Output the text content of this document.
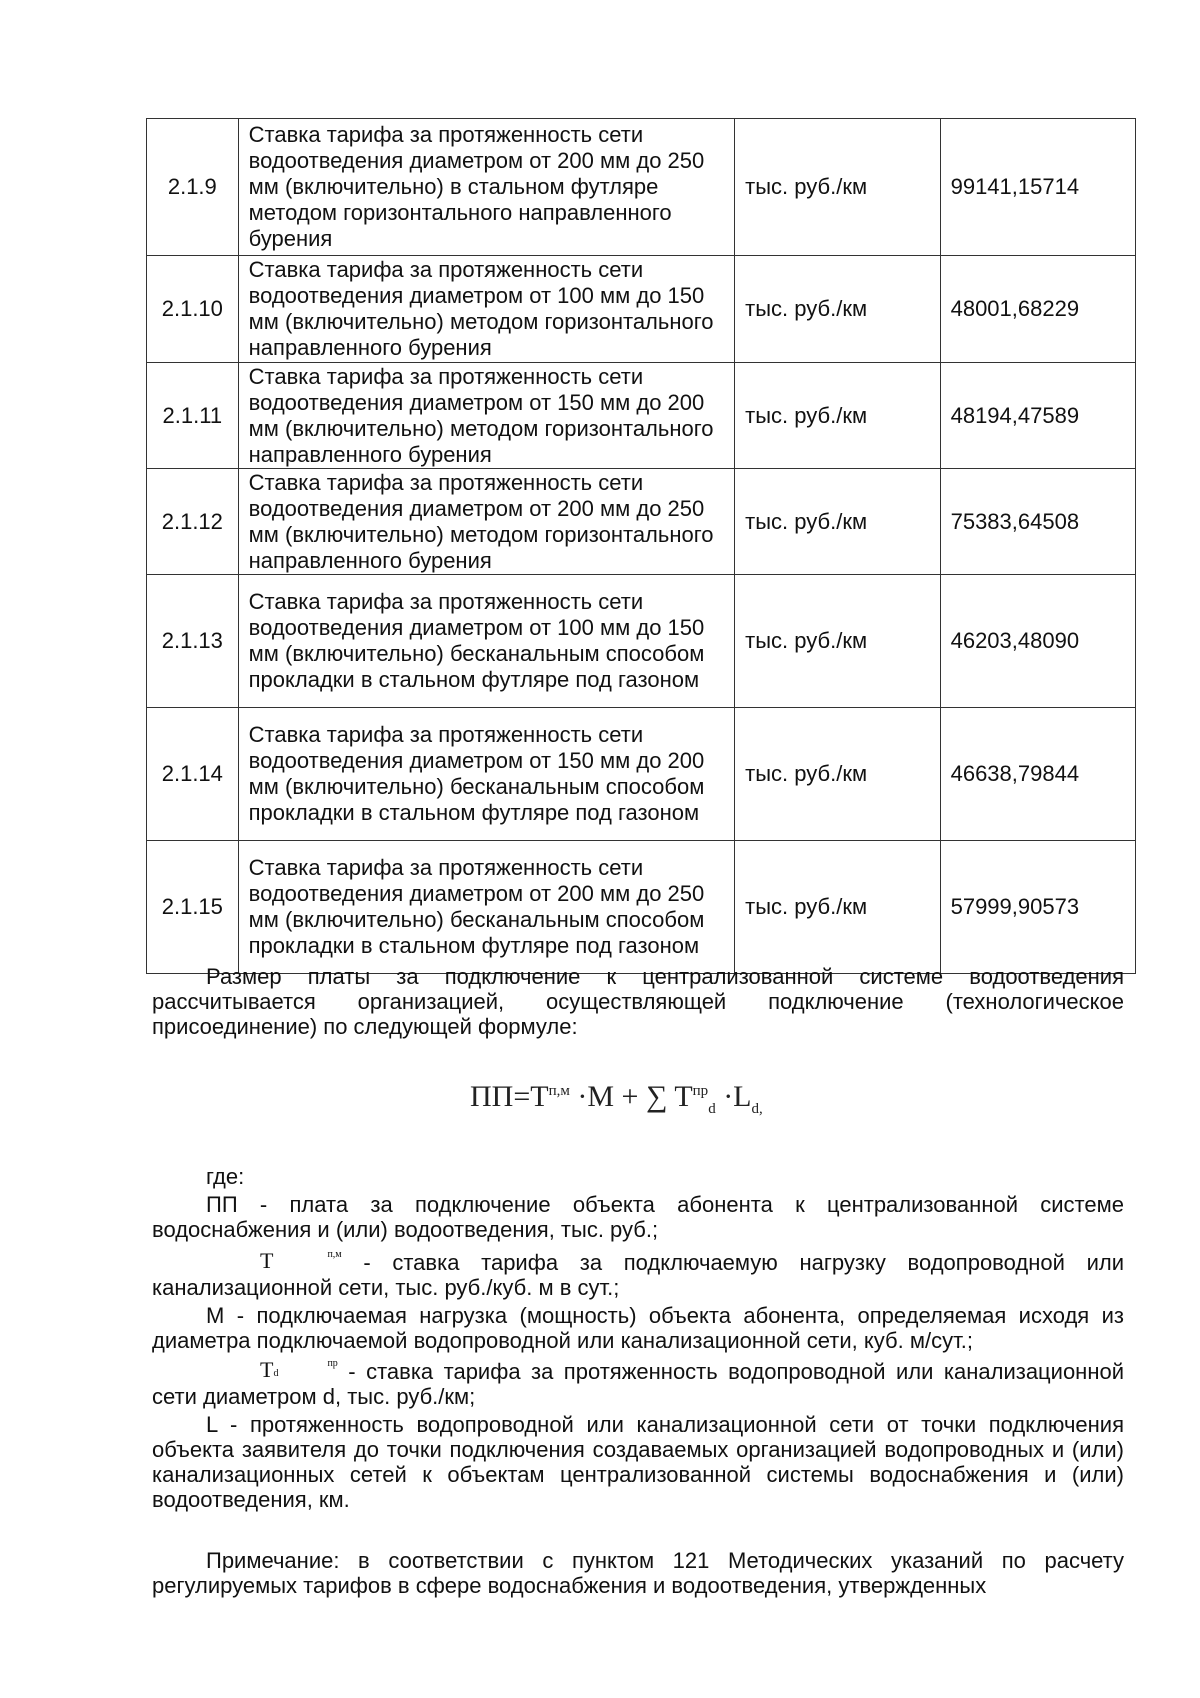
2.1.9	Ставка тарифа за протяженность сети водоотведения диаметром от 200 мм до 250 мм (включительно) в стальном футляре методом горизонтального направленного бурения	тыс. руб./км	99141,15714
2.1.10	Ставка тарифа за протяженность сети водоотведения диаметром от 100 мм до 150 мм (включительно) методом горизонтального направленного бурения	тыс. руб./км	48001,68229
2.1.11	Ставка тарифа за протяженность сети водоотведения диаметром от 150 мм до 200 мм (включительно) методом горизонтального направленного бурения	тыс. руб./км	48194,47589
2.1.12	Ставка тарифа за протяженность сети водоотведения диаметром от 200 мм до 250 мм (включительно) методом горизонтального направленного бурения	тыс. руб./км	75383,64508
2.1.13	Ставка тарифа за протяженность сети водоотведения диаметром от 100 мм до 150 мм (включительно) бесканальным способом прокладки в стальном футляре под газоном	тыс. руб./км	46203,48090
2.1.14	Ставка тарифа за протяженность сети водоотведения диаметром от 150 мм до 200 мм (включительно) бесканальным способом прокладки в стальном футляре под газоном	тыс. руб./км	46638,79844
2.1.15	Ставка тарифа за протяженность сети водоотведения диаметром от 200 мм до 250 мм (включительно) бесканальным способом прокладки в стальном футляре под газоном	тыс. руб./км	57999,90573

Размер платы за подключение к централизованной системе водоотведения рассчитывается организацией, осуществляющей подключение (технологическое присоединение) по следующей формуле:

$ПП=T^{п,м} \cdot M$ + ∑ $T^{пр}_d \cdot L_{d,}$

где:

ПП - плата за подключение объекта абонента к централизованной системе водоснабжения и (или) водоотведения, тыс. руб.;

T	п,м - ставка тарифа за подключаемую нагрузку водопроводной или канализационной сети, тыс. руб./куб. м в сут.;

М - подключаемая нагрузка (мощность) объекта абонента, определяемая исходя из диаметра подключаемой водопроводной или канализационной сети, куб. м/сут.;

T	пр
d	- ставка тарифа за протяженность водопроводной или канализационной сети диаметром d, тыс. руб./км;

L - протяженность водопроводной или канализационной сети от точки подключения объекта заявителя до точки подключения создаваемых организацией водопроводных и (или) канализационных сетей к объектам централизованной системы водоснабжения и (или) водоотведения, км.

Примечание: в соответствии с пунктом 121 Методических указаний по расчету регулируемых тарифов в сфере водоснабжения и водоотведения, утвержденных
